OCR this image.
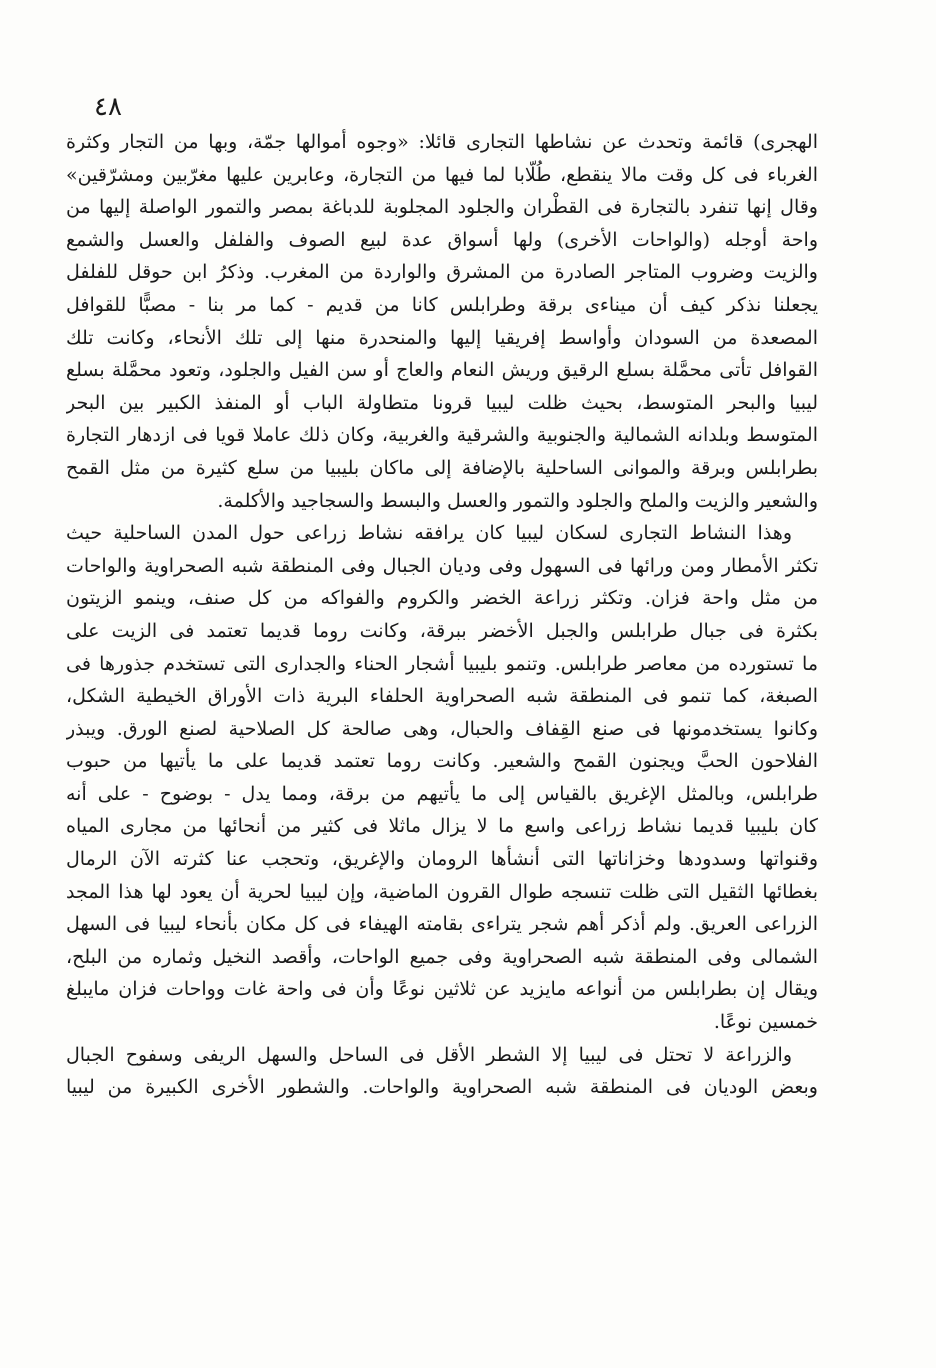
٤٨
الهجرى) قائمة وتحدث عن نشاطها التجارى قائلا: «وجوه أموالها جمّة، وبها من التجار وكثرة
الغرباء فى كل وقت مالا ينقطع، طُلّابا لما فيها من التجارة، وعابرين عليها مغرّبين ومشرّقين»
وقال إنها تنفرد بالتجارة فى القطْران والجلود المجلوبة للدباغة بمصر والتمور الواصلة إليها من
واحة أوجله (والواحات الأخرى) ولها أسواق عدة لبيع الصوف والفلفل والعسل والشمع
والزيت وضروب المتاجر الصادرة من المشرق والواردة من المغرب. وذكرُ ابن حوقل للفلفل
يجعلنا نذكر كيف أن ميناءى برقة وطرابلس كانا من قديم - كما مر بنا - مصبًّا للقوافل
المصعدة من السودان وأواسط إفريقيا إليها والمنحدرة منها إلى تلك الأنحاء، وكانت تلك
القوافل تأتى محمَّلة بسلع الرقيق وريش النعام والعاج أو سن الفيل والجلود، وتعود محمَّلة بسلع
ليبيا والبحر المتوسط، بحيث ظلت ليبيا قرونا متطاولة الباب أو المنفذ الكبير بين البحر
المتوسط وبلدانه الشمالية والجنوبية والشرقية والغربية، وكان ذلك عاملا قويا فى ازدهار التجارة
بطرابلس وبرقة والموانى الساحلية بالإضافة إلى ماكان بليبيا من سلع كثيرة من مثل القمح
والشعير والزيت والملح والجلود والتمور والعسل والبسط والسجاجيد والأكلمة.
وهذا النشاط التجارى لسكان ليبيا كان يرافقه نشاط زراعى حول المدن الساحلية حيث
تكثر الأمطار ومن ورائها فى السهول وفى وديان الجبال وفى المنطقة شبه الصحراوية والواحات
من مثل واحة فزان. وتكثر زراعة الخضر والكروم والفواكه من كل صنف، وينمو الزيتون
بكثرة فى جبال طرابلس والجبل الأخضر ببرقة، وكانت روما قديما تعتمد فى الزيت على
ما تستورده من معاصر طرابلس. وتنمو بليبيا أشجار الحناء والجدارى التى تستخدم جذورها فى
الصبغة، كما تنمو فى المنطقة شبه الصحراوية الحلفاء البرية ذات الأوراق الخيطية الشكل،
وكانوا يستخدمونها فى صنع القِفاف والحبال، وهى صالحة كل الصلاحية لصنع الورق. ويبذر
الفلاحون الحبَّ ويجنون القمح والشعير. وكانت روما تعتمد قديما على ما يأتيها من حبوب
طرابلس، وبالمثل الإغريق بالقياس إلى ما يأتيهم من برقة، ومما يدل - بوضوح - على أنه
كان بليبيا قديما نشاط زراعى واسع ما لا يزال ماثلا فى كثير من أنحائها من مجارى المياه
وقنواتها وسدودها وخزاناتها التى أنشأها الرومان والإغريق، وتحجب عنا كثرته الآن الرمال
بغطائها الثقيل التى ظلت تنسجه طوال القرون الماضية، وإن ليبيا لحرية أن يعود لها هذا المجد
الزراعى العريق. ولم أذكر أهم شجر يتراءى بقامته الهيفاء فى كل مكان بأنحاء ليبيا فى السهل
الشمالى وفى المنطقة شبه الصحراوية وفى جميع الواحات، وأقصد النخيل وثماره من البلح،
ويقال إن بطرابلس من أنواعه مايزيد عن ثلاثين نوعًا وأن فى واحة غات وواحات فزان مايبلغ
خمسين نوعًا.
والزراعة لا تحتل فى ليبيا إلا الشطر الأقل فى الساحل والسهل الريفى وسفوح الجبال
وبعض الوديان فى المنطقة شبه الصحراوية والواحات. والشطور الأخرى الكبيرة من ليبيا
